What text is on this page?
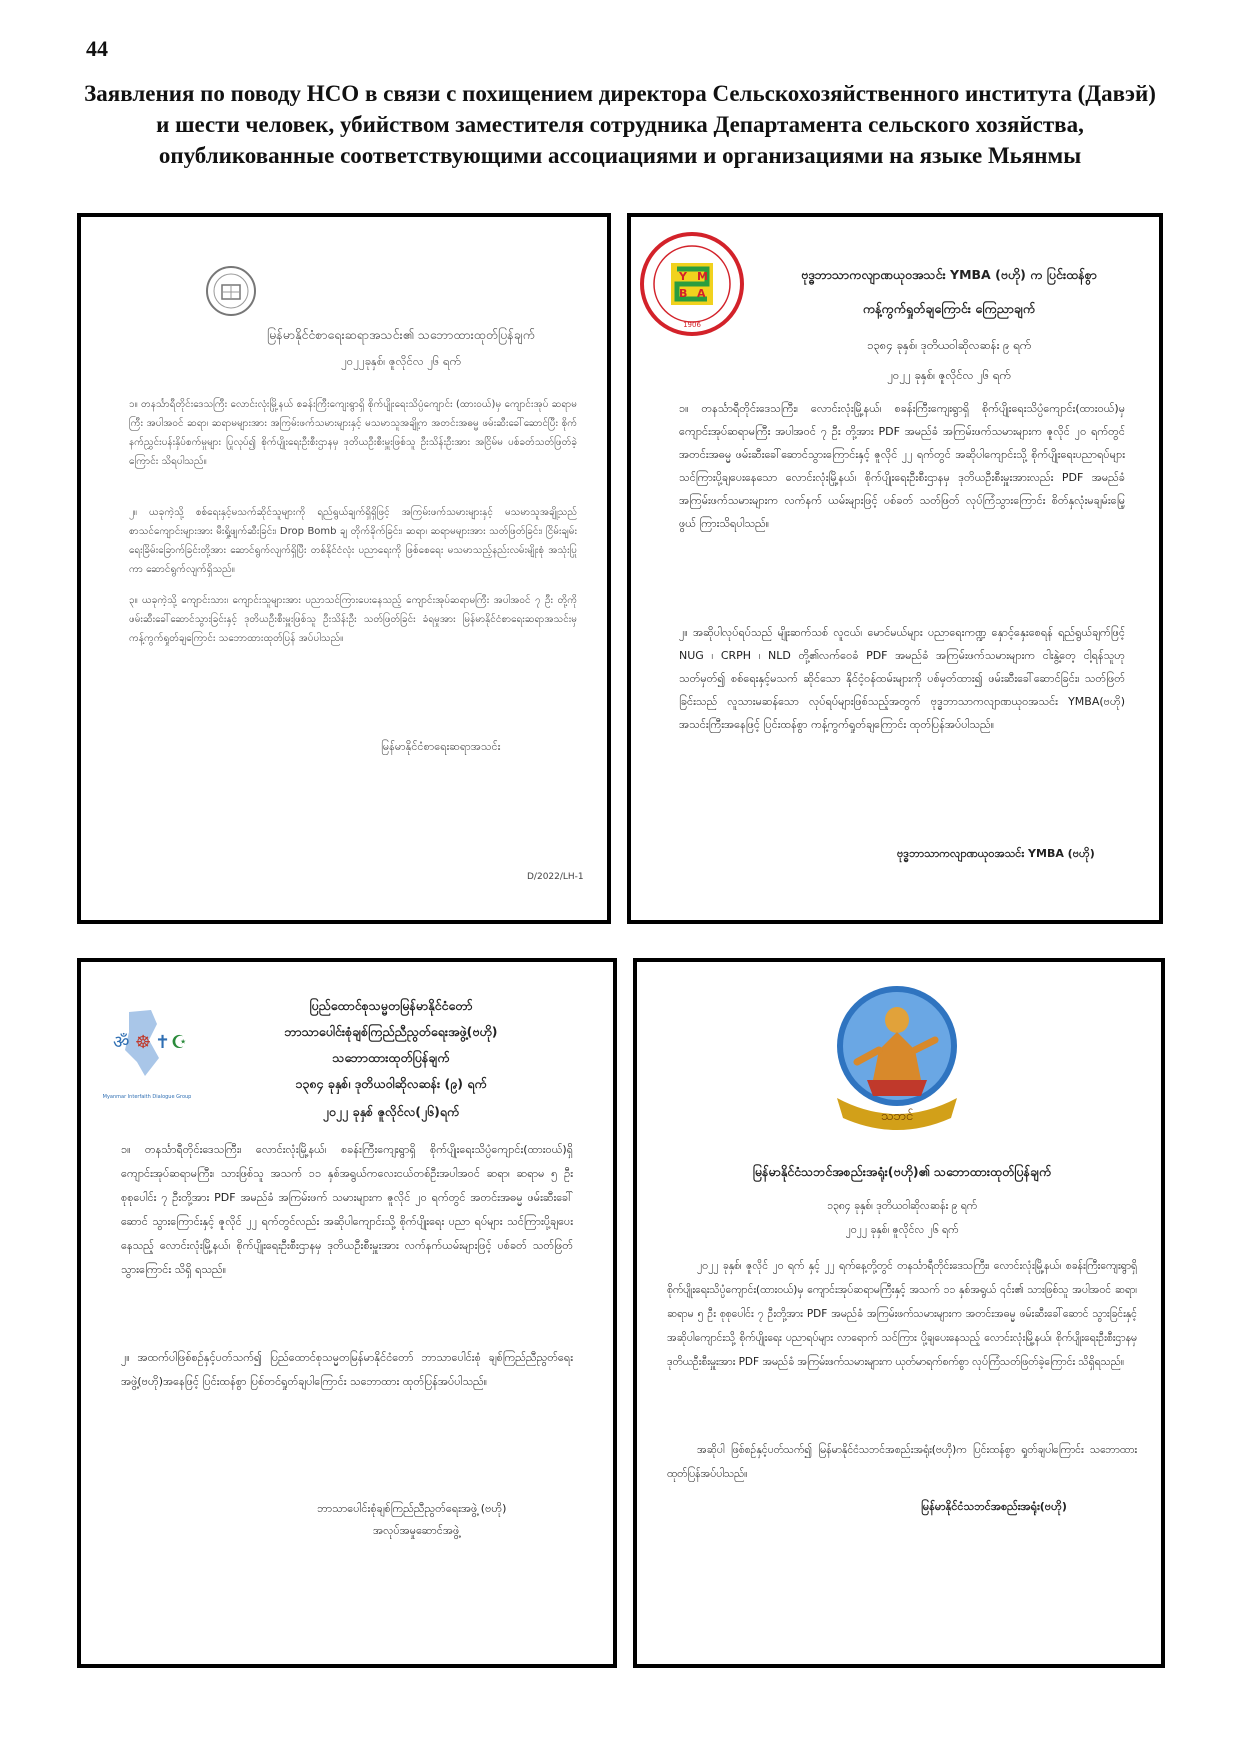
44
Заявления по поводу НСО в связи с похищением директора Сельскохозяйственного института (Давэй) и шести человек, убийством заместителя сотрудника Департамента сельского хозяйства, опубликованные соответствующими ассоциациями и организациями на языке Мьянмы
မြန်မာနိုင်ငံစာရေးဆရာအသင်း၏ သဘောထားထုတ်ပြန်ချက်
၂၀၂၂ခုနှစ်၊ ဇူလိုင်လ ၂၆ ရက်
၁။ တနင်္သာရီတိုင်းဒေသကြီး လောင်းလုံးမြို့နယ် စခန်းကြီးကျေးရွာရှိ စိုက်ပျိုးရေးသိပ္ပံကျောင်း (ထားဝယ်)မှ ကျောင်းအုပ် ဆရာမကြီး အပါအဝင် ဆရာ၊ ဆရာမများအား အကြမ်းဖက်သမားများနှင့် မသမာသူအချို့က အတင်းအဓမ္မ ဖမ်းဆီးခေါ်ဆောင်ပြီး စိုက်နက်ညွှင်းပန်းနှိပ်စက်မှုများ ပြုလုပ်၍ စိုက်ပျိုးရေးဦးစီးဌာနမှ ဒုတိယဦးစီးမှူးဖြစ်သူ ဦးသိန်းဦးအား အငြိမ်မ ပစ်ခတ်သတ်ဖြတ်ခဲ့ကြောင်း သိရပါသည်။
၂။ ယခုကဲ့သို့ စစ်ရေးနှင့်မသက်ဆိုင်သူများကို ရည်ရွယ်ချက်ရှိရှိဖြင့် အကြမ်းဖက်သမားများနှင့် မသမာသူအချို့သည် စာသင်ကျောင်းများအား မီးရှို့ဖျက်ဆီးခြင်း၊ Drop Bomb ချ တိုက်ခိုက်ခြင်း၊ ဆရာ၊ ဆရာမများအား သတ်ဖြတ်ခြင်း၊ ငြိမ်းချမ်းရေးခြိမ်းခြောက်ခြင်းတို့အား ဆောင်ရွက်လျက်ရှိပြီး တစ်နိုင်ငံလုံး ပညာရေးကို ဖြစ်စေရေး မသမာသည့်နည်းလမ်းမျိုးစုံ အသုံးပြုကာ ဆောင်ရွက်လျက်ရှိသည်။
၃။ ယခုကဲ့သို့ ကျောင်းသား၊ ကျောင်းသူများအား ပညာသင်ကြားပေးနေသည့် ကျောင်းအုပ်ဆရာမကြီး အပါအဝင် ၇ ဦး တို့ကို ဖမ်းဆီးခေါ်ဆောင်သွားခြင်းနှင့် ဒုတိယဦးစီးမှူးဖြစ်သူ ဦးသိန်းဦး သတ်ဖြတ်ခြင်း ခံရမှုအား မြန်မာနိုင်ငံစာရေးဆရာအသင်းမှ ကန့်ကွက်ရှုတ်ချကြောင်း သဘောထားထုတ်ပြန် အပ်ပါသည်။
မြန်မာနိုင်ငံစာရေးဆရာအသင်း
D/2022/LH-1
Y M
B A
1906
ဗုဒ္ဓဘာသာကလျာဏယုဝအသင်း YMBA (ဗဟို) က ပြင်းထန်စွာ
ကန့်ကွက်ရှုတ်ချကြောင်း ကြေညာချက်
၁၃၈၄ ခုနှစ်၊ ဒုတိယဝါဆိုလဆန်း ၉ ရက်
၂၀၂၂ ခုနှစ်၊ ဇူလိုင်လ ၂၆ ရက်
၁။ တနင်္သာရီတိုင်းဒေသကြီး၊ လောင်းလုံးမြို့နယ်၊ စခန်းကြီးကျေးရွာရှိ စိုက်ပျိုးရေးသိပ္ပံကျောင်း(ထားဝယ်)မှ ကျောင်းအုပ်ဆရာမကြီး အပါအဝင် ၇ ဦး တို့အား PDF အမည်ခံ အကြမ်းဖက်သမားများက ဇူလိုင် ၂၀ ရက်တွင် အတင်းအဓမ္မ ဖမ်းဆီးခေါ်ဆောင်သွားကြောင်းနှင့် ဇူလိုင် ၂၂ ရက်တွင် အဆိုပါကျောင်းသို့ စိုက်ပျိုးရေးပညာရပ်များ သင်ကြားပို့ချပေးနေသော လောင်းလုံးမြို့နယ်၊ စိုက်ပျိုးရေးဦးစီးဌာနမှ ဒုတိယဦးစီးမှူးအားလည်း PDF အမည်ခံ အကြမ်းဖက်သမားများက လက်နက် ယမ်းများဖြင့် ပစ်ခတ် သတ်ဖြတ် လုပ်ကြံသွားကြောင်း စိတ်နှလုံးမချမ်းမြေ့ဖွယ် ကြားသိရပါသည်။
၂။ အဆိုပါလုပ်ရပ်သည် မျိုးဆက်သစ် လူငယ်၊ မောင်မယ်များ ပညာရေးကဏ္ဍ နှောင့်နှေးစေရန် ရည်ရွယ်ချက်ဖြင့် NUG ၊ CRPH ၊ NLD တို့၏လက်ဝေခံ PDF အမည်ခံ အကြမ်းဖက်သမားများက ငါးနွဲ့တေ့ ငါ့ရန်သူဟု သတ်မှတ်၍ စစ်ရေးနှင့်မသက် ဆိုင်သော နိုင်ငံ့ဝန်ထမ်းများကို ပစ်မှတ်ထား၍ ဖမ်းဆီးခေါ်ဆောင်ခြင်း၊ သတ်ဖြတ်ခြင်းသည် လူသားမဆန်သော လုပ်ရပ်များဖြစ်သည့်အတွက် ဗုဒ္ဓဘာသာကလျာဏယုဝအသင်း YMBA(ဗဟို) အသင်းကြီးအနေဖြင့် ပြင်းထန်စွာ ကန့်ကွက်ရှုတ်ချကြောင်း ထုတ်ပြန်အပ်ပါသည်။
ဗုဒ္ဓဘာသာကလျာဏယုဝအသင်း YMBA (ဗဟို)
ॐ ☸ ✝ ☪
Myanmar Interfaith Dialogue Group
ပြည်ထောင်စုသမ္မတမြန်မာနိုင်ငံတော်
ဘာသာပေါင်းစုံချစ်ကြည်ညီညွတ်ရေးအဖွဲ့(ဗဟို)
သဘောထားထုတ်ပြန်ချက်
၁၃၈၄ ခုနှစ်၊ ဒုတိယဝါဆိုလဆန်း (၉) ရက်
၂၀၂၂ ခုနှစ် ဇူလိုင်လ(၂၆)ရက်
၁။ တနင်္သာရီတိုင်းဒေသကြီး၊ လောင်းလုံးမြို့နယ်၊ စခန်းကြီးကျေးရွာရှိ စိုက်ပျိုးရေးသိပ္ပံကျောင်း(ထားဝယ်)ရှိ ကျောင်းအုပ်ဆရာမကြီး၊ သားဖြစ်သူ အသက် ၁၁ နှစ်အရွယ်ကလေးငယ်တစ်ဦးအပါအဝင် ဆရာ၊ ဆရာမ ၅ ဦး စုစုပေါင်း ၇ ဦးတို့အား PDF အမည်ခံ အကြမ်းဖက် သမားများက ဇူလိုင် ၂၀ ရက်တွင် အတင်းအဓမ္မ ဖမ်းဆီးခေါ်ဆောင် သွားကြောင်းနှင့် ဇူလိုင် ၂၂ ရက်တွင်လည်း အဆိုပါကျောင်းသို့ စိုက်ပျိုးရေး ပညာ ရပ်များ သင်ကြားပို့ချပေးနေသည့် လောင်းလုံးမြို့နယ်၊ စိုက်ပျိုးရေးဦးစီးဌာနမှ ဒုတိယဦးစီးမှူးအား လက်နက်ယမ်းများဖြင့် ပစ်ခတ် သတ်ဖြတ်သွားကြောင်း သိရှိ ရသည်။
၂။ အထက်ပါဖြစ်စဉ်နှင့်ပတ်သက်၍ ပြည်ထောင်စုသမ္မတမြန်မာနိုင်ငံတော် ဘာသာပေါင်းစုံ ချစ်ကြည်ညီညွတ်ရေးအဖွဲ့(ဗဟို)အနေဖြင့် ပြင်းထန်စွာ ပြစ်တင်ရှုတ်ချပါကြောင်း သဘောထား ထုတ်ပြန်အပ်ပါသည်။
ဘာသာပေါင်းစုံချစ်ကြည်ညီညွတ်ရေးအဖွဲ့ (ဗဟို)
အလုပ်အမှုဆောင်အဖွဲ့
သဘင်
မြန်မာနိုင်ငံသဘင်အစည်းအရုံး(ဗဟို)၏ သဘောထားထုတ်ပြန်ချက်
၁၃၈၄ ခုနှစ်၊ ဒုတိယဝါဆိုလဆန်း ၉ ရက်
၂၀၂၂ ခုနှစ်၊ ဇူလိုင်လ ၂၆ ရက်
၂၀၂၂ ခုနှစ်၊ ဇူလိုင် ၂၀ ရက် နှင့် ၂၂ ရက်နေ့တို့တွင် တနင်္သာရီတိုင်းဒေသကြီး၊ လောင်းလုံးမြို့နယ်၊ စခန်းကြီးကျေးရွာရှိ စိုက်ပျိုးရေးသိပ္ပံကျောင်း(ထားဝယ်)မှ ကျောင်းအုပ်ဆရာမကြီးနှင့် အသက် ၁၁ နှစ်အရွယ် ၎င်း၏ သားဖြစ်သူ အပါအဝင် ဆရာ၊ ဆရာမ ၅ ဦး စုစုပေါင်း ၇ ဦးတို့အား PDF အမည်ခံ အကြမ်းဖက်သမားများက အတင်းအဓမ္မ ဖမ်းဆီးခေါ်ဆောင် သွားခြင်းနှင့် အဆိုပါကျောင်းသို့ စိုက်ပျိုးရေး ပညာရပ်များ လာရောက် သင်ကြား ပို့ချပေးနေသည့် လောင်းလုံးမြို့နယ်၊ စိုက်ပျိုးရေးဦးစီးဌာနမှ ဒုတိယဦးစီးမှူးအား PDF အမည်ခံ အကြမ်းဖက်သမားများက ယုတ်မာရက်စက်စွာ လုပ်ကြံသတ်ဖြတ်ခဲ့ကြောင်း သိရှိရသည်။
အဆိုပါ ဖြစ်စဉ်နှင့်ပတ်သက်၍ မြန်မာနိုင်ငံသဘင်အစည်းအရုံး(ဗဟို)က ပြင်းထန်စွာ ရှုတ်ချပါကြောင်း သဘောထား ထုတ်ပြန်အပ်ပါသည်။
မြန်မာနိုင်ငံသဘင်အစည်းအရုံး(ဗဟို)
